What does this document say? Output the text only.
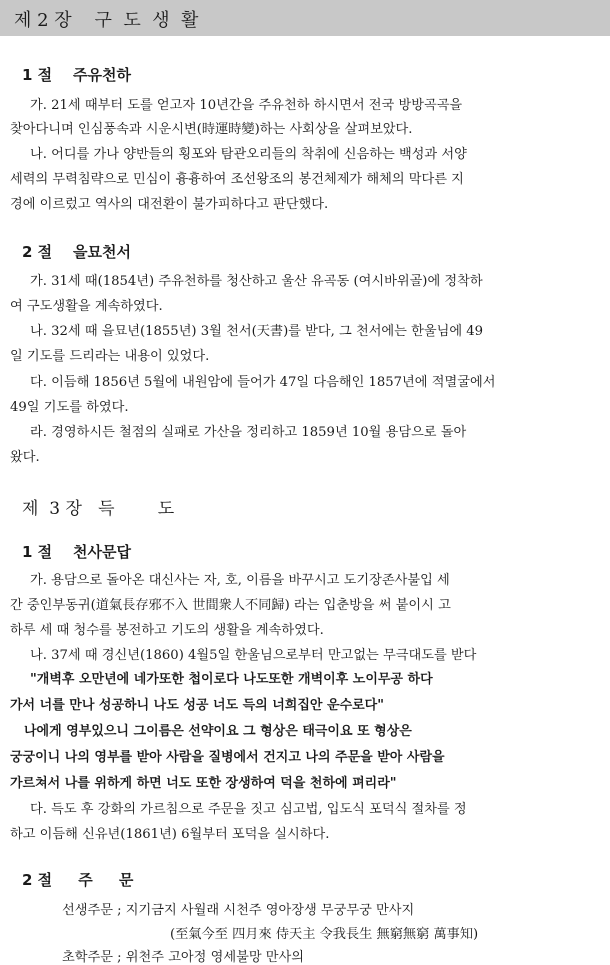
제 2 장    구  도  생  활
1 절    주유천하
가. 21세 때부터 도를 얻고자 10년간을 주유천하 하시면서 전국 방방곡곡을
찾아다니며 인심풍속과 시운시변(時運時變)하는 사회상을 살펴보았다.
나. 어디를 가나 양반들의 횡포와 탐관오리들의 착취에 신음하는 백성과 서양
세력의 무력침략으로 민심이 흉흉하여 조선왕조의 봉건체제가 해체의 막다른 지
경에 이르렀고 역사의 대전환이 불가피하다고 판단했다.
2 절    을묘천서
가. 31세 때(1854년) 주유천하를 청산하고 울산 유곡동 (여시바위골)에 정착하
여 구도생활을 계속하였다.
나. 32세 때 을묘년(1855년) 3월 천서(天書)를 받다, 그 천서에는 한울님에 49
일 기도를 드리라는 내용이 있었다.
다. 이듬해 1856년 5월에 내원암에 들어가 47일 다음해인 1857년에 적멸굴에서
49일 기도를 하였다.
라. 경영하시든 철점의 실패로 가산을 정리하고 1859년 10월 용담으로 돌아
왔다.
제  3 장   득        도
1 절    천사문답
가. 용담으로 돌아온 대신사는 자, 호, 이름을 바꾸시고 도기장존사불입 세
간 중인부동귀(道氣長存邪不入 世間衆人不同歸) 라는 입춘방을 써 붙이시 고
하루 세 때 청수를 봉전하고 기도의 생활을 계속하였다.
나. 37세 때 경신년(1860) 4월5일 한울님으로부터 만고없는 무극대도를 받다
"개벽후 오만년에 네가또한 첩이로다 나도또한 개벽이후 노이무공 하다
가서 너를 만나 성공하니 나도 성공 너도 득의 너희집안 운수로다"
나에게 영부있으니 그이름은 선약이요 그 형상은 태극이요 또 형상은
궁궁이니 나의 영부를 받아 사람을 질병에서 건지고 나의 주문을 받아 사람을
가르쳐서 나를 위하게 하면 너도 또한 장생하여 덕을 천하에 펴리라"
다. 득도 후 강화의 가르침으로 주문을 짓고 심고법, 입도식 포덕식 절차를 정
하고 이듬해 신유년(1861년) 6월부터 포덕을 실시하다.
2 절     주     문
선생주문 ; 지기금지 사월래 시천주 영아장생 무궁무궁 만사지
(至氣今至 四月來 侍天主 令我長生 無窮無窮 萬事知)
초학주문 ; 위천주 고아정 영세불망 만사의
